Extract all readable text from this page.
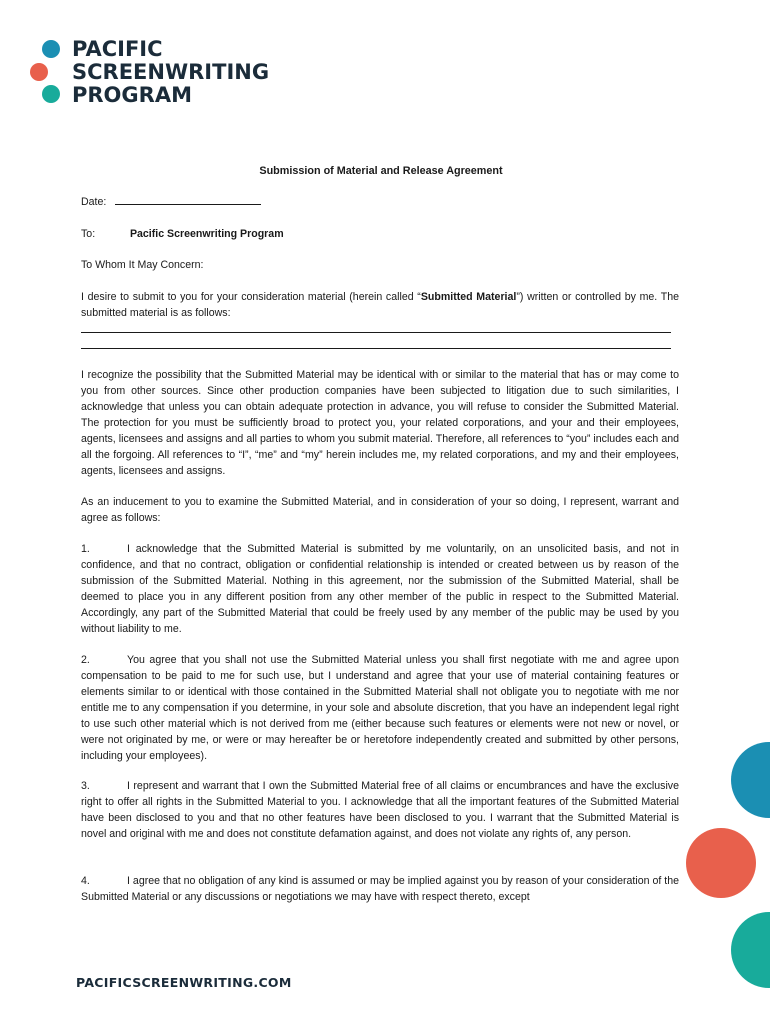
PACIFIC
SCREENWRITING
PROGRAM
Submission of Material and Release Agreement
Date:
To:	Pacific Screenwriting Program
To Whom It May Concern:
I desire to submit to you for your consideration material (herein called “Submitted Material”) written or controlled by me. The submitted material is as follows:
I recognize the possibility that the Submitted Material may be identical with or similar to the material that has or may come to you from other sources. Since other production companies have been subjected to litigation due to such similarities, I acknowledge that unless you can obtain adequate protection in advance, you will refuse to consider the Submitted Material. The protection for you must be sufficiently broad to protect you, your related corporations, and your and their employees, agents, licensees and assigns and all parties to whom you submit material. Therefore, all references to “you” includes each and all the forgoing. All references to “I”, “me” and “my” herein includes me, my related corporations, and my and their employees, agents, licensees and assigns.
As an inducement to you to examine the Submitted Material, and in consideration of your so doing, I represent, warrant and agree as follows:
1.	I acknowledge that the Submitted Material is submitted by me voluntarily, on an unsolicited basis, and not in confidence, and that no contract, obligation or confidential relationship is intended or created between us by reason of the submission of the Submitted Material. Nothing in this agreement, nor the submission of the Submitted Material, shall be deemed to place you in any different position from any other member of the public in respect to the Submitted Material. Accordingly, any part of the Submitted Material that could be freely used by any member of the public may be used by you without liability to me.
2.	You agree that you shall not use the Submitted Material unless you shall first negotiate with me and agree upon compensation to be paid to me for such use, but I understand and agree that your use of material containing features or elements similar to or identical with those contained in the Submitted Material shall not obligate you to negotiate with me nor entitle me to any compensation if you determine, in your sole and absolute discretion, that you have an independent legal right to use such other material which is not derived from me (either because such features or elements were not new or novel, or were not originated by me, or were or may hereafter be or heretofore independently created and submitted by other persons, including your employees).
3.	I represent and warrant that I own the Submitted Material free of all claims or encumbrances and have the exclusive right to offer all rights in the Submitted Material to you. I acknowledge that all the important features of the Submitted Material have been disclosed to you and that no other features have been disclosed to you. I warrant that the Submitted Material is novel and original with me and does not constitute defamation against, and does not violate any rights of, any person.
4.	I agree that no obligation of any kind is assumed or may be implied against you by reason of your consideration of the Submitted Material or any discussions or negotiations we may have with respect thereto, except
PACIFICSCREENWRITING.COM
